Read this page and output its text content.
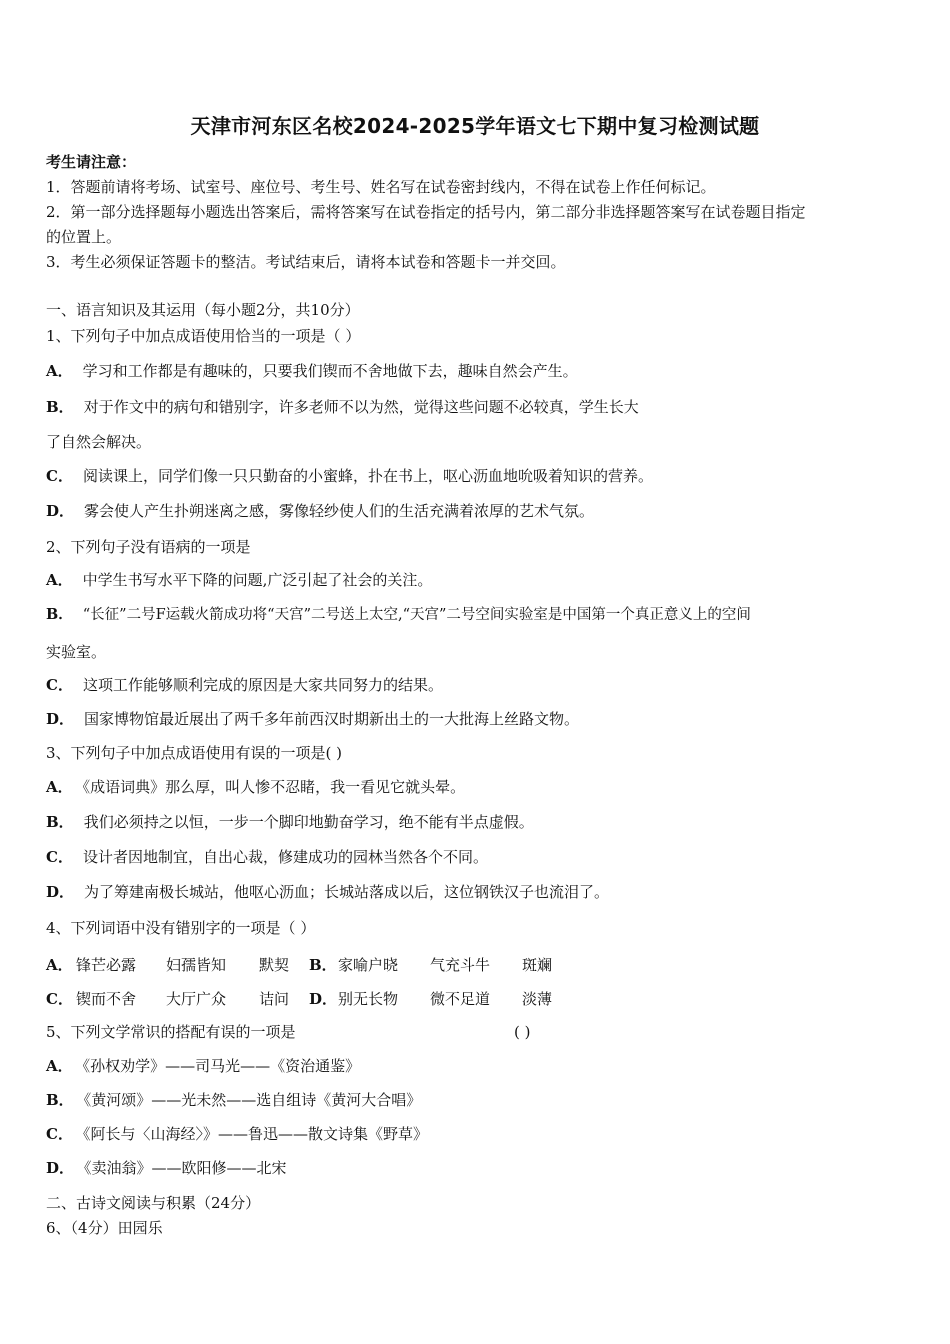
天津市河东区名校2024-2025学年语文七下期中复习检测试题
考生请注意：
1．答题前请将考场、试室号、座位号、考生号、姓名写在试卷密封线内，不得在试卷上作任何标记。
2．第一部分选择题每小题选出答案后，需将答案写在试卷指定的括号内，第二部分非选择题答案写在试卷题目指定
的位置上。
3．考生必须保证答题卡的整洁。考试结束后，请将本试卷和答题卡一并交回。
一、语言知识及其运用（每小题2分，共10分）
1、下列句子中加点成语使用恰当的一项是（ ）
A． 学习和工作都是有趣味的，只要我们锲而不舍地做下去，趣味自然会产生。
B． 对于作文中的病句和错别字，许多老师不以为然，觉得这些问题不必较真，学生长大
了自然会解决。
C． 阅读课上，同学们像一只只勤奋的小蜜蜂，扑在书上，呕心沥血地吮吸着知识的营养。
D． 雾会使人产生扑朔迷离之感，雾像轻纱使人们的生活充满着浓厚的艺术气氛。
2、下列句子没有语病的一项是
A． 中学生书写水平下降的问题,广泛引起了社会的关注。
B． “长征”二号F运载火箭成功将“天宫”二号送上太空,“天宫”二号空间实验室是中国第一个真正意义上的空间
实验室。
C． 这项工作能够顺利完成的原因是大家共同努力的结果。
D． 国家博物馆最近展出了两千多年前西汉时期新出土的一大批海上丝路文物。
3、下列句子中加点成语使用有误的一项是( )
A． 《成语词典》那么厚，叫人惨不忍睹，我一看见它就头晕。
B． 我们必须持之以恒，一步一个脚印地勤奋学习，绝不能有半点虚假。
C． 设计者因地制宜，自出心裁，修建成功的园林当然各个不同。
D． 为了筹建南极长城站，他呕心沥血；长城站落成以后，这位钢铁汉子也流泪了。
4、下列词语中没有错别字的一项是（ ）
A． 锋芒必露 妇孺皆知 默契 B． 家喻户晓 气充斗牛 斑斓
C． 锲而不舍 大厅广众 诘问 D． 别无长物 微不足道 淡薄
5、下列文学常识的搭配有误的一项是	( )
A． 《孙权劝学》——司马光——《资治通鉴》
B． 《黄河颂》——光未然——选自组诗《黄河大合唱》
C． 《阿长与〈山海经〉》——鲁迅——散文诗集《野草》
D． 《卖油翁》——欧阳修——北宋
二、古诗文阅读与积累（24分）
6、（4分）田园乐
